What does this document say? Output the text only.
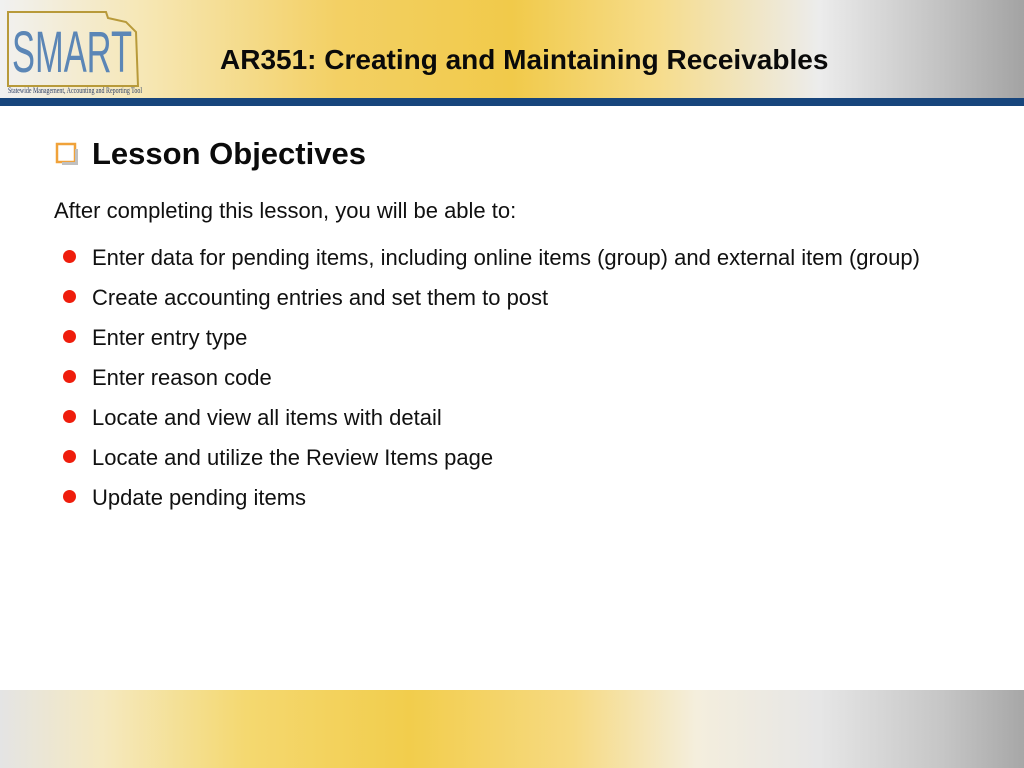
SMART
Statewide Management, Accounting and Reporting Tool
AR351: Creating and Maintaining Receivables
Lesson Objectives
After completing this lesson, you will be able to:
Enter data for pending items, including online items (group) and external item (group)
Create accounting entries and set them to post
Enter entry type
Enter reason code
Locate and view all items with detail
Locate and utilize the Review Items page
Update pending items
